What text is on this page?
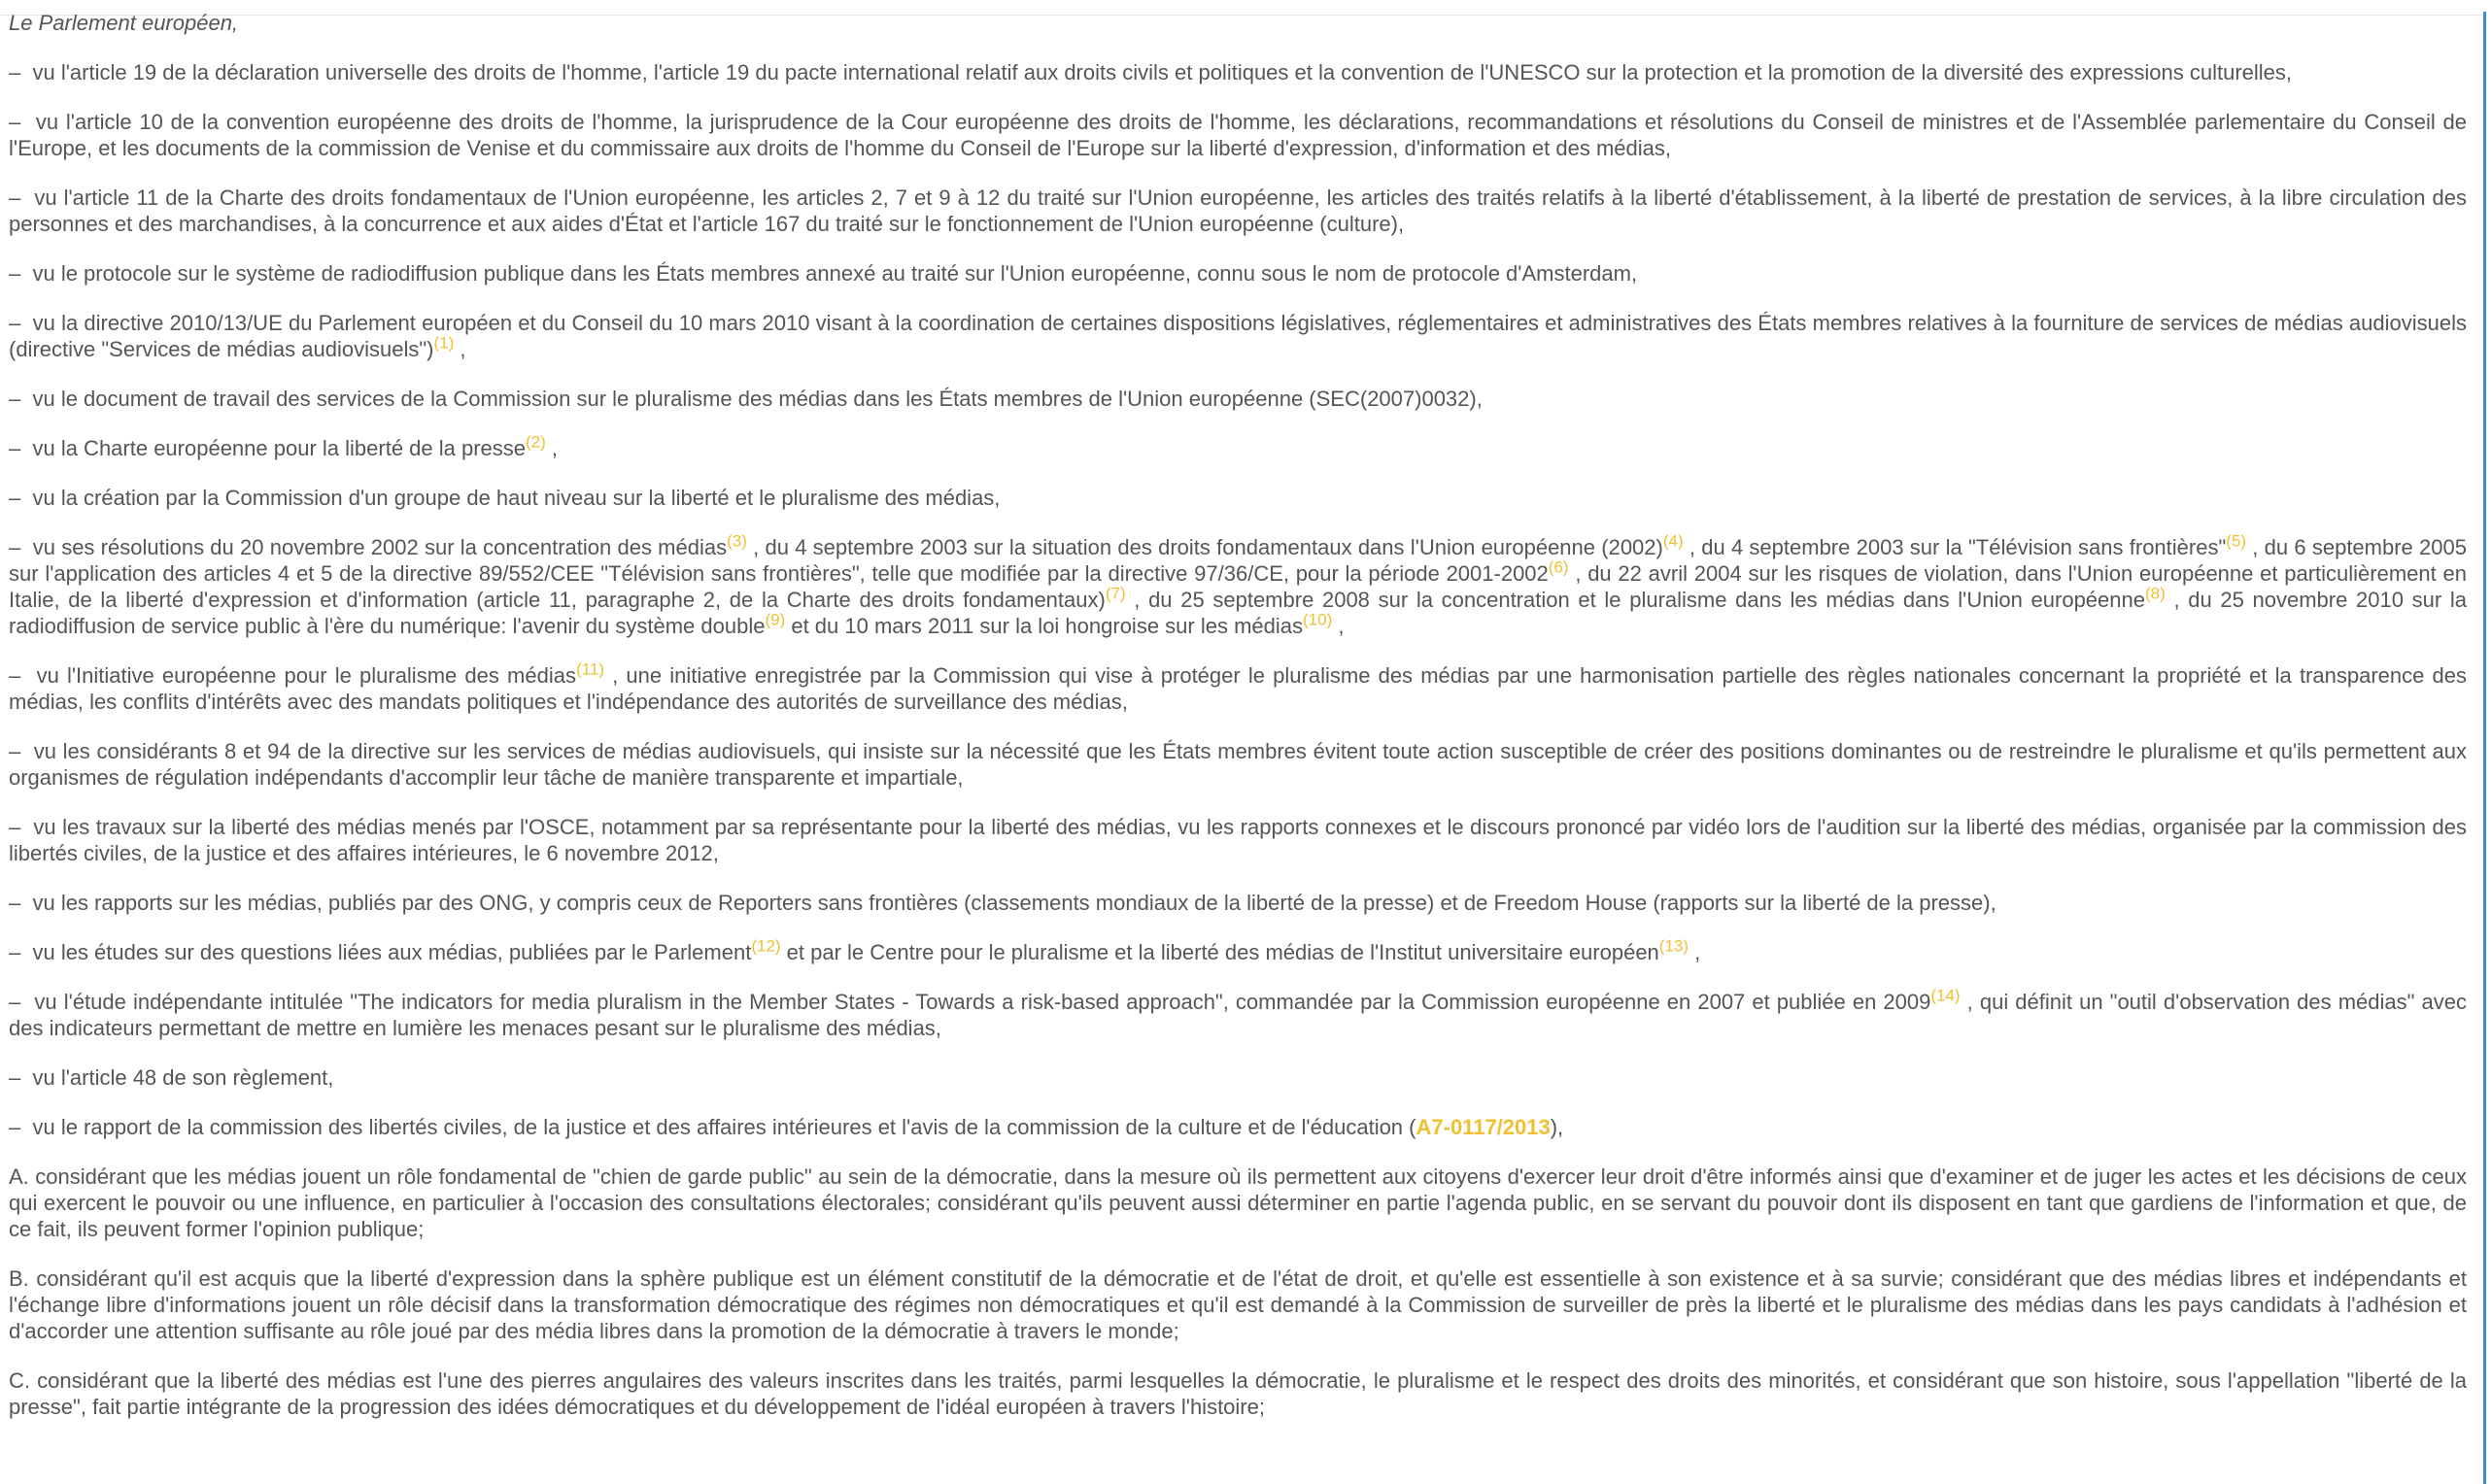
Le Parlement européen,

–  vu l'article 19 de la déclaration universelle des droits de l'homme, l'article 19 du pacte international relatif aux droits civils et politiques et la convention de l'UNESCO sur la protection et la promotion de la diversité des expressions culturelles,

–  vu l'article 10 de la convention européenne des droits de l'homme, la jurisprudence de la Cour européenne des droits de l'homme, les déclarations, recommandations et résolutions du Conseil de ministres et de l'Assemblée parlementaire du Conseil de l'Europe, et les documents de la commission de Venise et du commissaire aux droits de l'homme du Conseil de l'Europe sur la liberté d'expression, d'information et des médias,

–  vu l'article 11 de la Charte des droits fondamentaux de l'Union européenne, les articles 2, 7 et 9 à 12 du traité sur l'Union européenne, les articles des traités relatifs à la liberté d'établissement, à la liberté de prestation de services, à la libre circulation des personnes et des marchandises, à la concurrence et aux aides d'État et l'article 167 du traité sur le fonctionnement de l'Union européenne (culture),

–  vu le protocole sur le système de radiodiffusion publique dans les États membres annexé au traité sur l'Union européenne, connu sous le nom de protocole d'Amsterdam,

–  vu la directive 2010/13/UE du Parlement européen et du Conseil du 10 mars 2010 visant à la coordination de certaines dispositions législatives, réglementaires et administratives des États membres relatives à la fourniture de services de médias audiovisuels (directive "Services de médias audiovisuels")$^{(1)}$ ,

–  vu le document de travail des services de la Commission sur le pluralisme des médias dans les États membres de l'Union européenne (SEC(2007)0032),

–  vu la Charte européenne pour la liberté de la presse$^{(2)}$ ,

–  vu la création par la Commission d'un groupe de haut niveau sur la liberté et le pluralisme des médias,

–  vu ses résolutions du 20 novembre 2002 sur la concentration des médias$^{(3)}$ , du 4 septembre 2003 sur la situation des droits fondamentaux dans l'Union européenne (2002)$^{(4)}$ , du 4 septembre 2003 sur la "Télévision sans frontières"$^{(5)}$ , du 6 septembre 2005 sur l'application des articles 4 et 5 de la directive 89/552/CEE "Télévision sans frontières", telle que modifiée par la directive 97/36/CE, pour la période 2001-2002$^{(6)}$ , du 22 avril 2004 sur les risques de violation, dans l'Union européenne et particulièrement en Italie, de la liberté d'expression et d'information (article 11, paragraphe 2, de la Charte des droits fondamentaux)$^{(7)}$ , du 25 septembre 2008 sur la concentration et le pluralisme dans les médias dans l'Union européenne$^{(8)}$ , du 25 novembre 2010 sur la radiodiffusion de service public à l'ère du numérique: l'avenir du système double$^{(9)}$ et du 10 mars 2011 sur la loi hongroise sur les médias$^{(10)}$ ,

–  vu l'Initiative européenne pour le pluralisme des médias$^{(11)}$ , une initiative enregistrée par la Commission qui vise à protéger le pluralisme des médias par une harmonisation partielle des règles nationales concernant la propriété et la transparence des médias, les conflits d'intérêts avec des mandats politiques et l'indépendance des autorités de surveillance des médias,

–  vu les considérants 8 et 94 de la directive sur les services de médias audiovisuels, qui insiste sur la nécessité que les États membres évitent toute action susceptible de créer des positions dominantes ou de restreindre le pluralisme et qu'ils permettent aux organismes de régulation indépendants d'accomplir leur tâche de manière transparente et impartiale,

–  vu les travaux sur la liberté des médias menés par l'OSCE, notamment par sa représentante pour la liberté des médias, vu les rapports connexes et le discours prononcé par vidéo lors de l'audition sur la liberté des médias, organisée par la commission des libertés civiles, de la justice et des affaires intérieures, le 6 novembre 2012,

–  vu les rapports sur les médias, publiés par des ONG, y compris ceux de Reporters sans frontières (classements mondiaux de la liberté de la presse) et de Freedom House (rapports sur la liberté de la presse),

–  vu les études sur des questions liées aux médias, publiées par le Parlement$^{(12)}$ et par le Centre pour le pluralisme et la liberté des médias de l'Institut universitaire européen$^{(13)}$ ,

–  vu l'étude indépendante intitulée "The indicators for media pluralism in the Member States - Towards a risk-based approach", commandée par la Commission européenne en 2007 et publiée en 2009$^{(14)}$ , qui définit un "outil d'observation des médias" avec des indicateurs permettant de mettre en lumière les menaces pesant sur le pluralisme des médias,

–  vu l'article 48 de son règlement,

–  vu le rapport de la commission des libertés civiles, de la justice et des affaires intérieures et l'avis de la commission de la culture et de l'éducation (A7-0117/2013),

A. considérant que les médias jouent un rôle fondamental de "chien de garde public" au sein de la démocratie, dans la mesure où ils permettent aux citoyens d'exercer leur droit d'être informés ainsi que d'examiner et de juger les actes et les décisions de ceux qui exercent le pouvoir ou une influence, en particulier à l'occasion des consultations électorales; considérant qu'ils peuvent aussi déterminer en partie l'agenda public, en se servant du pouvoir dont ils disposent en tant que gardiens de l'information et que, de ce fait, ils peuvent former l'opinion publique;

B. considérant qu'il est acquis que la liberté d'expression dans la sphère publique est un élément constitutif de la démocratie et de l'état de droit, et qu'elle est essentielle à son existence et à sa survie; considérant que des médias libres et indépendants et l'échange libre d'informations jouent un rôle décisif dans la transformation démocratique des régimes non démocratiques et qu'il est demandé à la Commission de surveiller de près la liberté et le pluralisme des médias dans les pays candidats à l'adhésion et d'accorder une attention suffisante au rôle joué par des média libres dans la promotion de la démocratie à travers le monde;

C. considérant que la liberté des médias est l'une des pierres angulaires des valeurs inscrites dans les traités, parmi lesquelles la démocratie, le pluralisme et le respect des droits des minorités, et considérant que son histoire, sous l'appellation "liberté de la presse", fait partie intégrante de la progression des idées démocratiques et du développement de l'idéal européen à travers l'histoire;
